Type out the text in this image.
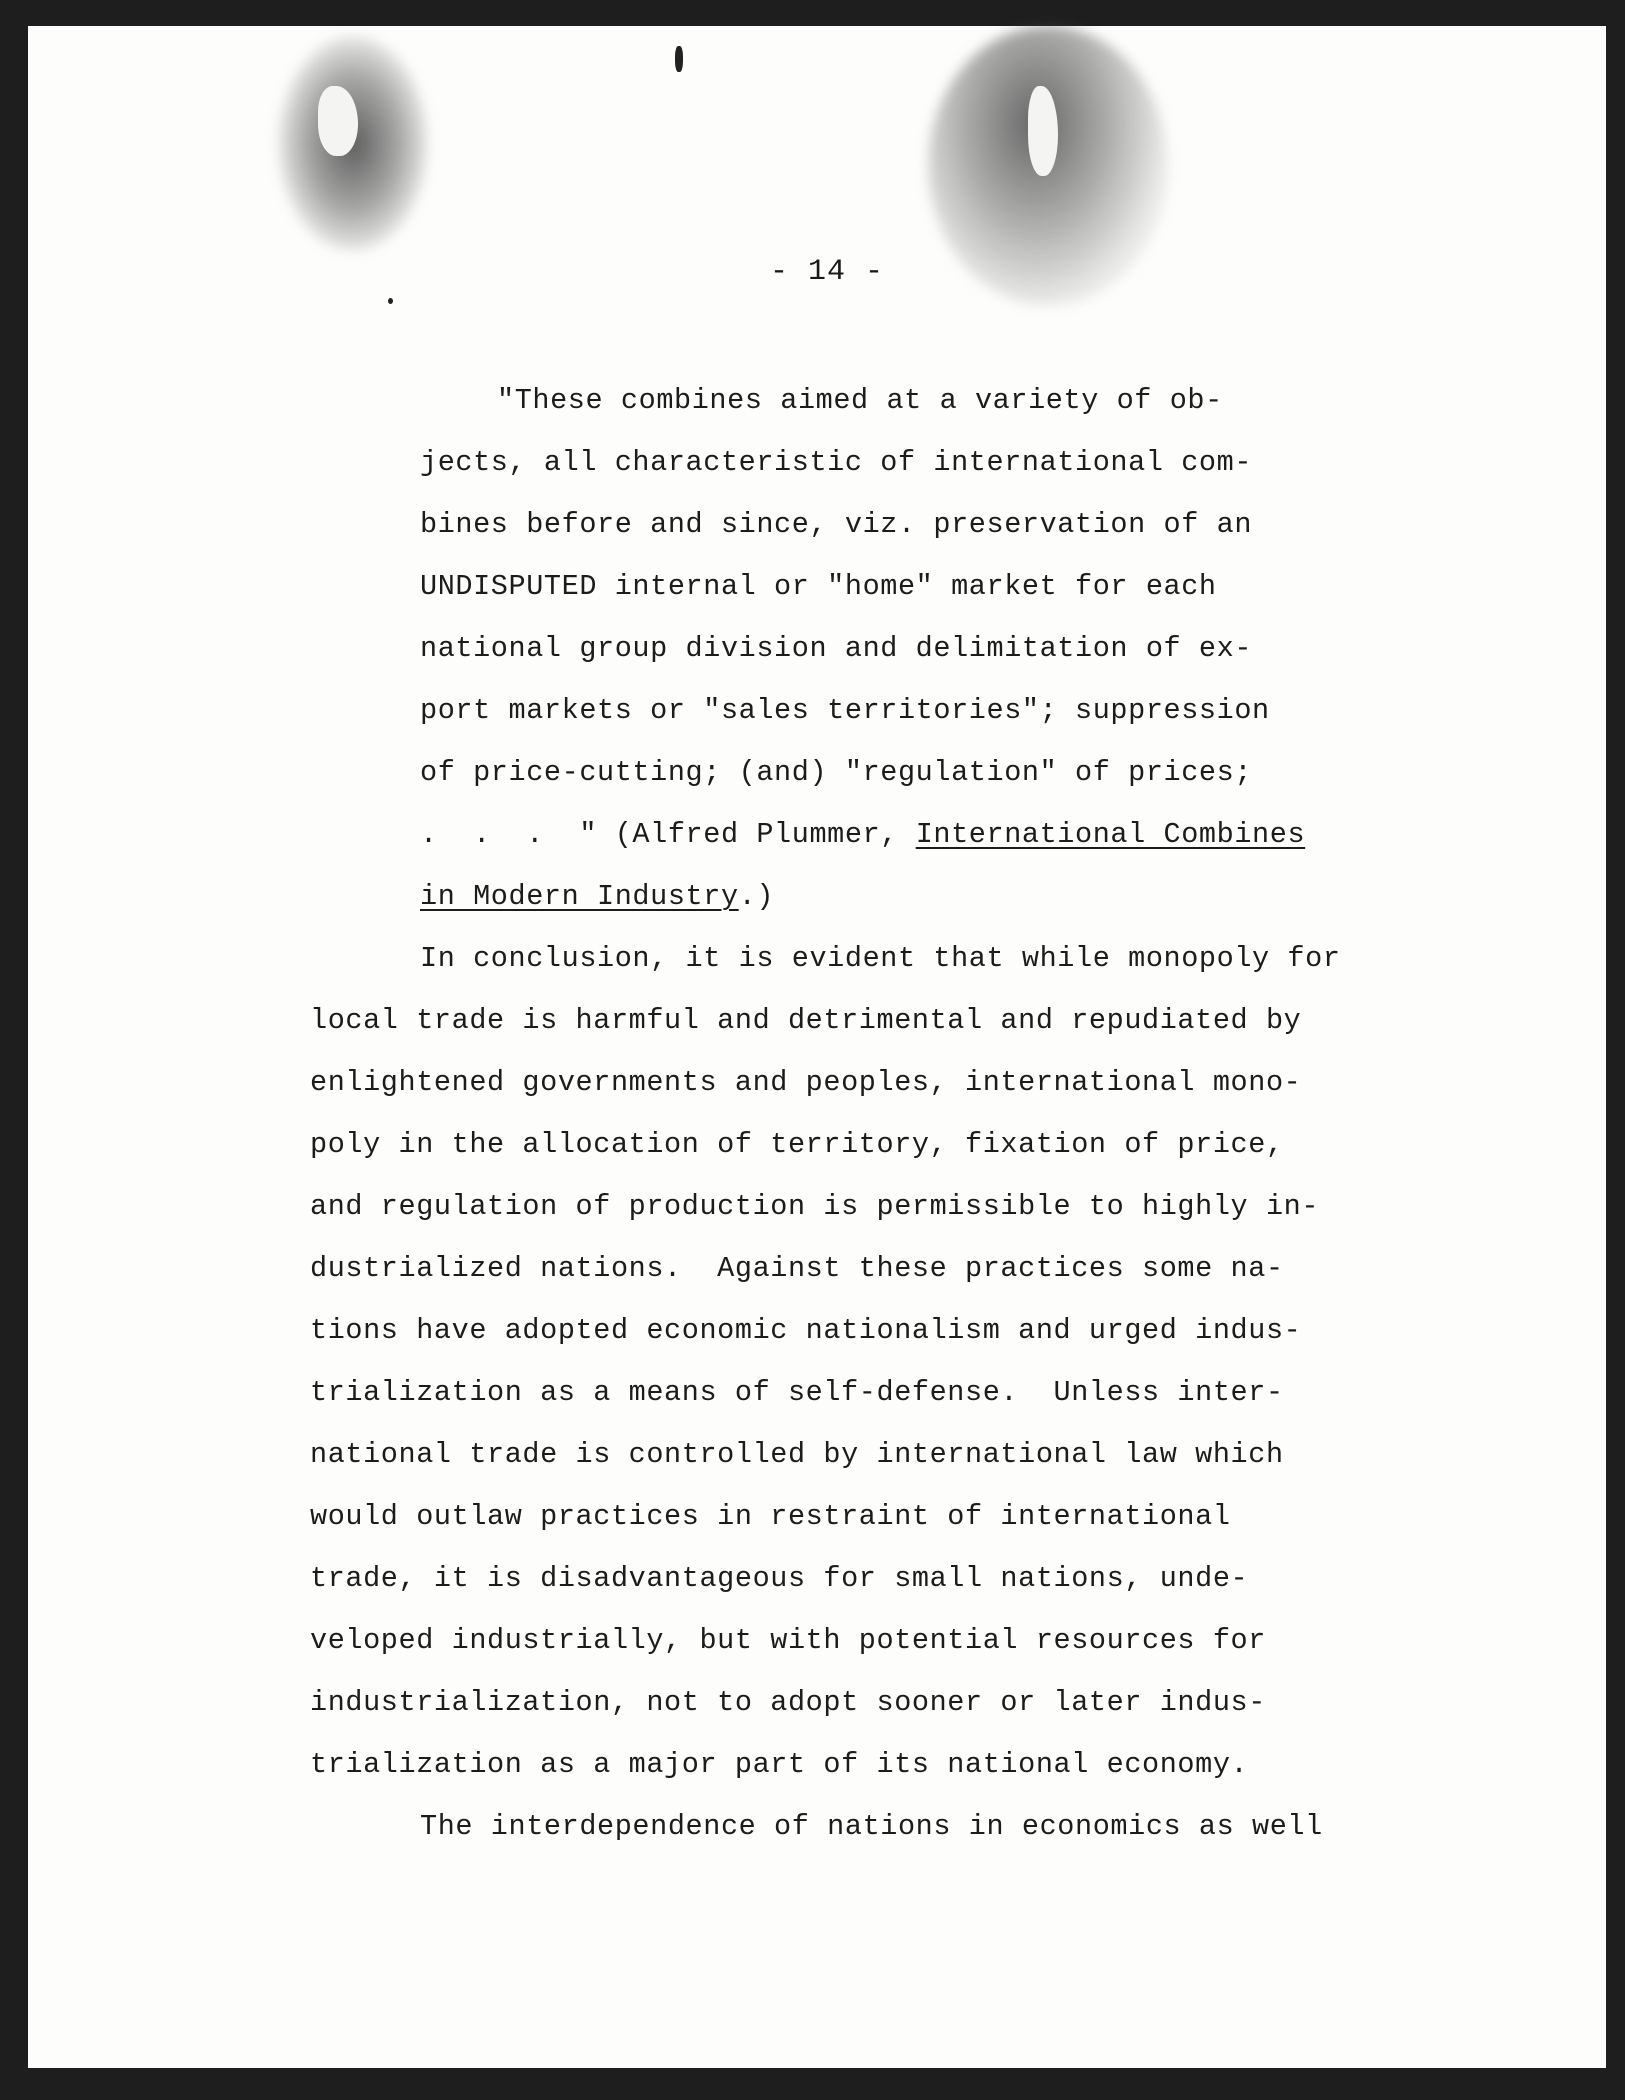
- 14 -
"These combines aimed at a variety of ob-
jects, all characteristic of international com-
bines before and since, viz. preservation of an
UNDISPUTED internal or "home" market for each
national group division and delimitation of ex-
port markets or "sales territories"; suppression
of price-cutting; (and) "regulation" of prices;
.  .  .  " (Alfred Plummer, International Combines
in Modern Industry.)
In conclusion, it is evident that while monopoly for
local trade is harmful and detrimental and repudiated by
enlightened governments and peoples, international mono-
poly in the allocation of territory, fixation of price,
and regulation of production is permissible to highly in-
dustrialized nations.  Against these practices some na-
tions have adopted economic nationalism and urged indus-
trialization as a means of self-defense.  Unless inter-
national trade is controlled by international law which
would outlaw practices in restraint of international
trade, it is disadvantageous for small nations, unde-
veloped industrially, but with potential resources for
industrialization, not to adopt sooner or later indus-
trialization as a major part of its national economy.
The interdependence of nations in economics as well
